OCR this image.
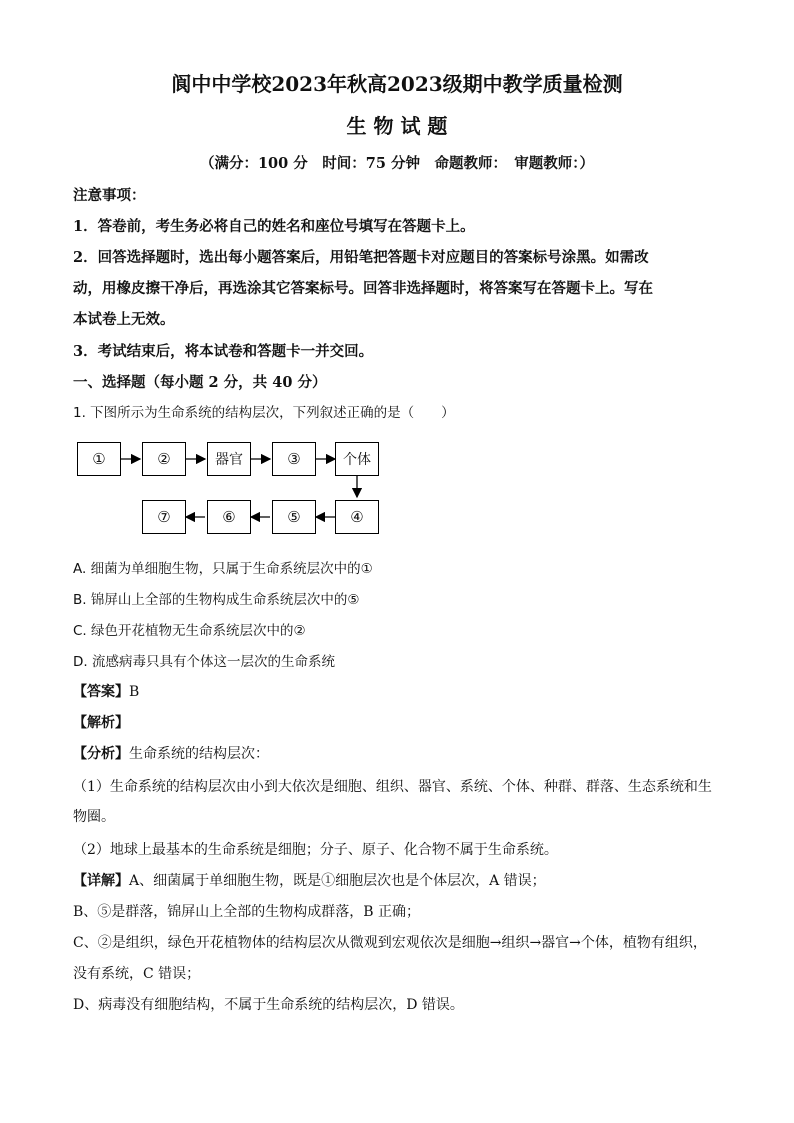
阆中中学校2023年秋高2023级期中教学质量检测
生 物 试 题
（满分：100 分　时间：75 分钟　命题教师：　审题教师：）
注意事项：
1．答卷前，考生务必将自己的姓名和座位号填写在答题卡上。
2．回答选择题时，选出每小题答案后，用铅笔把答题卡对应题目的答案标号涂黑。如需改
动，用橡皮擦干净后，再选涂其它答案标号。回答非选择题时，将答案写在答题卡上。写在
本试卷上无效。
3．考试结束后，将本试卷和答题卡一并交回。
一、选择题（每小题 2 分，共 40 分）
1. 下图所示为生命系统的结构层次，下列叙述正确的是（　　）
①	②	器官	③	个体
⑦	⑥	⑤	④
A. 细菌为单细胞生物，只属于生命系统层次中的①
B. 锦屏山上全部的生物构成生命系统层次中的⑤
C. 绿色开花植物无生命系统层次中的②
D. 流感病毒只具有个体这一层次的生命系统
【答案】B
【解析】
【分析】生命系统的结构层次：
（1）生命系统的结构层次由小到大依次是细胞、组织、器官、系统、个体、种群、群落、生态系统和生
物圈。
（2）地球上最基本的生命系统是细胞；分子、原子、化合物不属于生命系统。
【详解】A、细菌属于单细胞生物，既是①细胞层次也是个体层次，A 错误；
B、⑤是群落，锦屏山上全部的生物构成群落，B 正确；
C、②是组织，绿色开花植物体的结构层次从微观到宏观依次是细胞→组织→器官→个体，植物有组织，
没有系统，C 错误；
D、病毒没有细胞结构，不属于生命系统的结构层次，D 错误。
